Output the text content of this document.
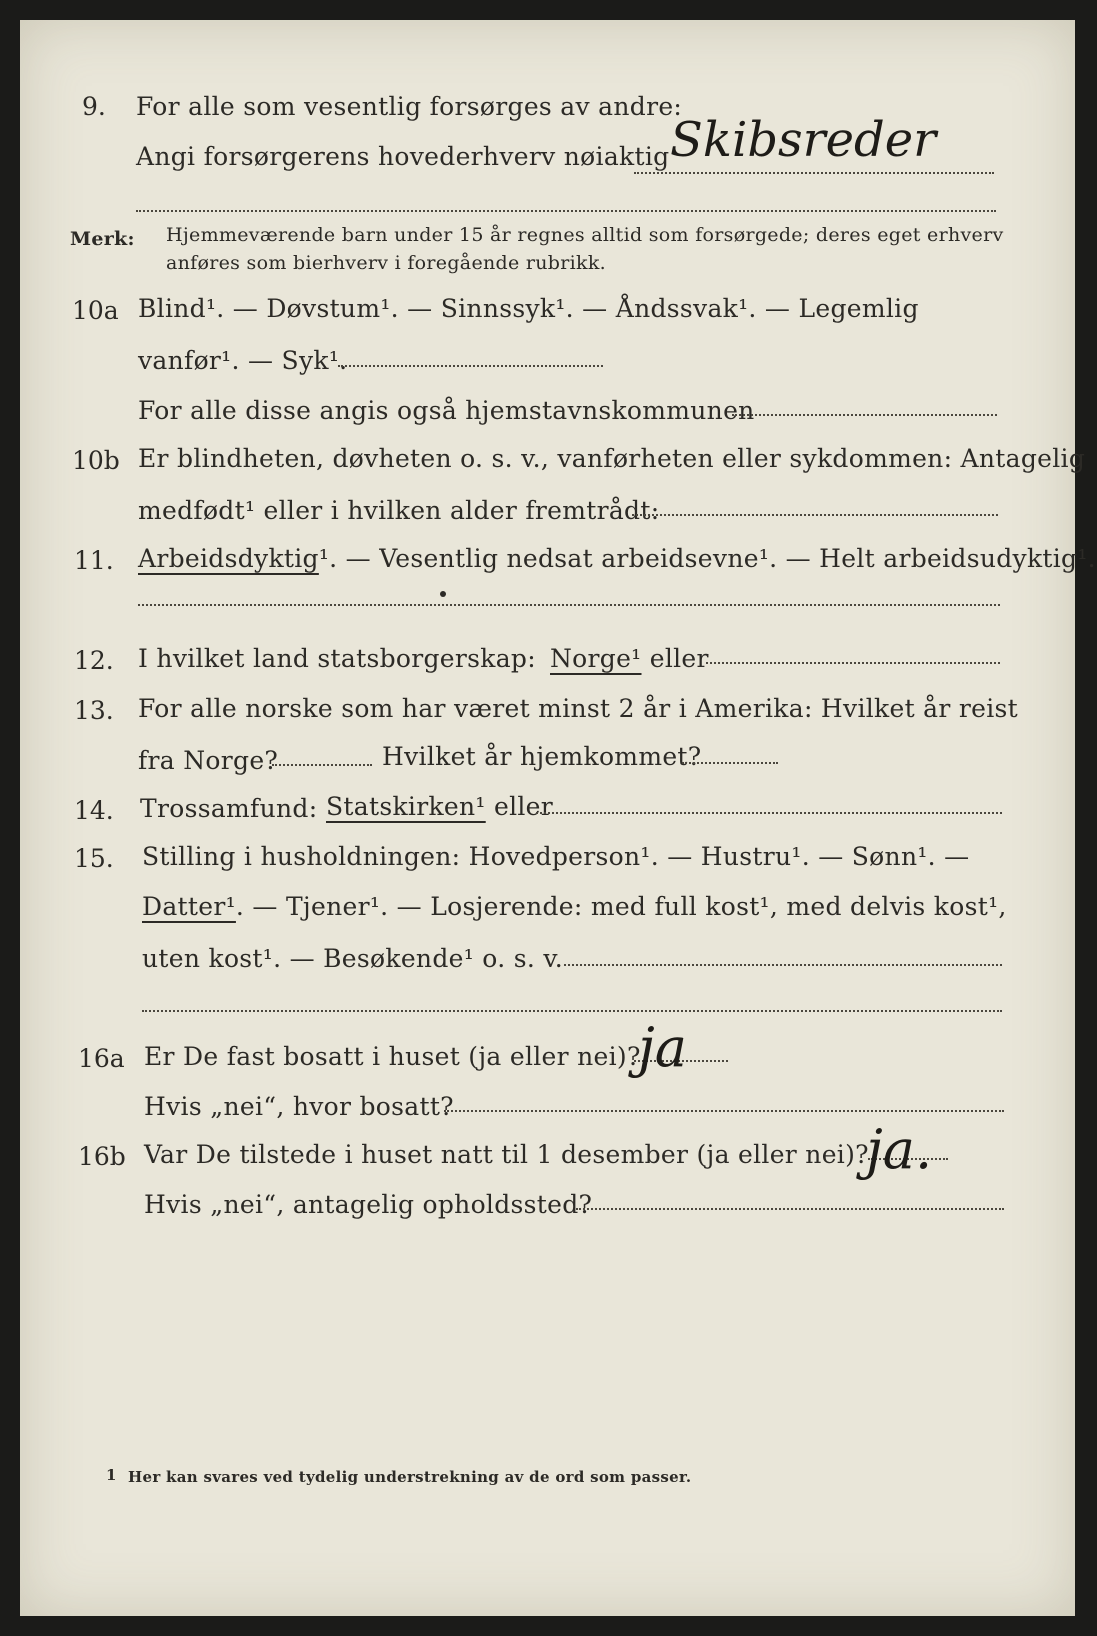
9. For alle som vesentlig forsørges av andre:
Angi forsørgerens hovederhverv nøiaktig Skibsreder
Merk: Hjemmeværende barn under 15 år regnes alltid som forsørgede; deres eget erhverv
anføres som bierhverv i foregående rubrikk.
10a Blind¹. — Døvstum¹. — Sinnssyk¹. — Åndssvak¹. — Legemlig
vanfør¹. — Syk¹.
For alle disse angis også hjemstavnskommunen
10b Er blindheten, døvheten o. s. v., vanførheten eller sykdommen: Antagelig
medfødt¹ eller i hvilken alder fremtrådt:
11. Arbeidsdyktig¹. — Vesentlig nedsat arbeidsevne¹. — Helt arbeidsudyktig¹.
12. I hvilket land statsborgerskap: Norge¹ eller
13. For alle norske som har været minst 2 år i Amerika: Hvilket år reist
fra Norge?	Hvilket år hjemkommet?
14. Trossamfund: Statskirken¹ eller
15. Stilling i husholdningen: Hovedperson¹. — Hustru¹. — Sønn¹. —
Datter¹. — Tjener¹. — Losjerende: med full kost¹, med delvis kost¹,
uten kost¹. — Besøkende¹ o. s. v.
16a Er De fast bosatt i huset (ja eller nei)?
ja
Hvis „nei“, hvor bosatt?
16b Var De tilstede i huset natt til 1 desember (ja eller nei)?
ja.
Hvis „nei“, antagelig opholdssted?
1 Her kan svares ved tydelig understrekning av de ord som passer.
